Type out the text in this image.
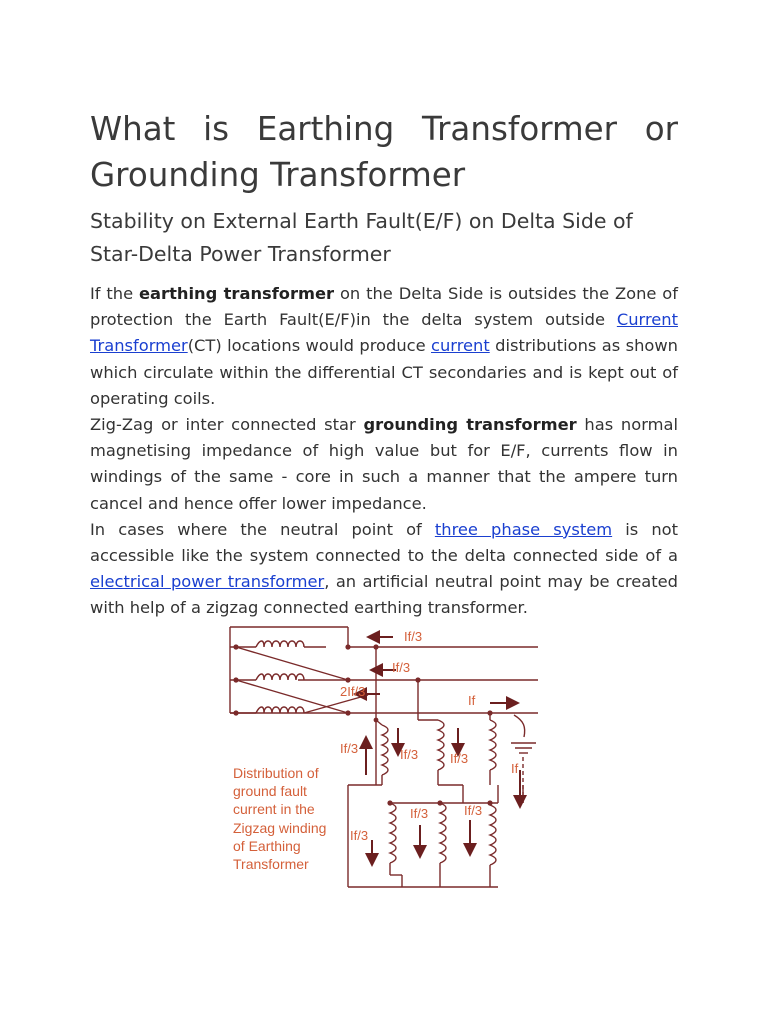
What is Earthing Transformer or
Grounding Transformer
Stability on External Earth Fault(E/F) on Delta Side of Star-Delta Power Transformer

If the earthing transformer on the Delta Side is outsides the Zone of protection the Earth Fault(E/F)in the delta system outside Current Transformer(CT) locations would produce current distributions as shown which circulate within the differential CT secondaries and is kept out of operating coils.

Zig-Zag or inter connected star grounding transformer has normal magnetising impedance of high value but for E/F, currents flow in windings of the same - core in such a manner that the ampere turn cancel and hence offer lower impedance.

In cases where the neutral point of three phase system is not accessible like the system connected to the delta connected side of a electrical power transformer, an artificial neutral point may be created with help of a zigzag connected earthing transformer.

If/3
If/3
2If/3
If
If/3	If/3 If/3
If
If/3
If/3	If/3
Distribution of
ground fault
current in the
Zigzag winding
of Earthing
Transformer
